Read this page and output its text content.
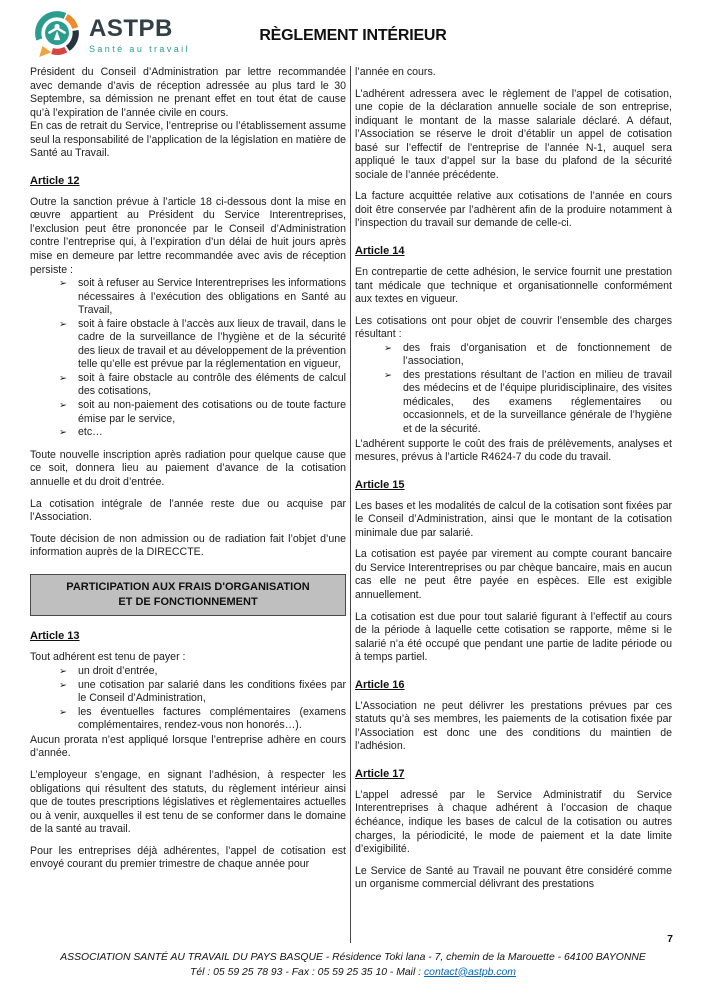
ASTPB
Santé au travail
RÈGLEMENT INTÉRIEUR

Président du Conseil d’Administration par lettre recommandée avec demande d’avis de réception adressée au plus tard le 30 Septembre, sa démission ne prenant effet en tout état de cause qu’à l’expiration de l’année civile en cours.

En cas de retrait du Service, l’entreprise ou l’établissement assume seul la responsabilité de l’application de la législation en matière de Santé au Travail.

Article 12

Outre la sanction prévue à l’article 18 ci-dessous dont la mise en œuvre appartient au Président du Service Interentreprises, l’exclusion peut être prononcée par le Conseil d’Administration contre l’entreprise qui, à l’expiration d’un délai de huit jours après mise en demeure par lettre recommandée avec avis de réception persiste :

➢	soit à refuser au Service Interentreprises les informations nécessaires à l’exécution des obligations en Santé au Travail,
➢	soit à faire obstacle à l’accès aux lieux de travail, dans le cadre de la surveillance de l’hygiène et de la sécurité des lieux de travail et au développement de la prévention telle qu’elle est prévue par la réglementation en vigueur,
➢	soit à faire obstacle au contrôle des éléments de calcul des cotisations,
➢	soit au non-paiement des cotisations ou de toute facture émise par le service,
➢	etc…

Toute nouvelle inscription après radiation pour quelque cause que ce soit, donnera lieu au paiement d’avance de la cotisation annuelle et du droit d’entrée.

La cotisation intégrale de l’année reste due ou acquise par l’Association.

Toute décision de non admission ou de radiation fait l’objet d’une information auprès de la DIRECCTE.

PARTICIPATION AUX FRAIS D'ORGANISATION
ET DE FONCTIONNEMENT
Article 13

Tout adhérent est tenu de payer :

➢	un droit d’entrée,
➢	une cotisation par salarié dans les conditions fixées par le Conseil d’Administration,
➢	les éventuelles factures complémentaires (examens complémentaires, rendez-vous non honorés…).

Aucun prorata n’est appliqué lorsque l’entreprise adhère en cours d’année.

L’employeur s’engage, en signant l’adhésion, à respecter les obligations qui résultent des statuts, du règlement intérieur ainsi que de toutes prescriptions législatives et règlementaires actuelles ou à venir, auxquelles il est tenu de se conformer dans le domaine de la santé au travail.

Pour les entreprises déjà adhérentes, l’appel de cotisation est envoyé courant du premier trimestre de chaque année pour

l’année en cours.

L’adhérent adressera avec le règlement de l’appel de cotisation, une copie de la déclaration annuelle sociale de son entreprise, indiquant le montant de la masse salariale déclaré. A défaut, l’Association se réserve le droit d’établir un appel de cotisation basé sur l’effectif de l’entreprise de l’année N-1, auquel sera appliqué le taux d’appel sur la base du plafond de la sécurité sociale de l’année précédente.

La facture acquittée relative aux cotisations de l’année en cours doit être conservée par l’adhèrent afin de la produire notamment à l’inspection du travail sur demande de celle-ci.

Article 14

En contrepartie de cette adhésion, le service fournit une prestation tant médicale que technique et organisationnelle conformément aux textes en vigueur.

Les cotisations ont pour objet de couvrir l’ensemble des charges résultant :

➢	des frais d’organisation et de fonctionnement de l’association,
➢	des prestations résultant de l’action en milieu de travail des médecins et de l’équipe pluridisciplinaire, des visites médicales, des examens réglementaires ou occasionnels, et de la surveillance générale de l’hygiène et de la sécurité.

L’adhérent supporte le coût des frais de prélèvements, analyses et mesures, prévus à l’article R4624-7 du code du travail.

Article 15

Les bases et les modalités de calcul de la cotisation sont fixées par le Conseil d’Administration, ainsi que le montant de la cotisation minimale due par salarié.

La cotisation est payée par virement au compte courant bancaire du Service Interentreprises ou par chèque bancaire, mais en aucun cas elle ne peut être payée en espèces. Elle est exigible annuellement.

La cotisation est due pour tout salarié figurant à l’effectif au cours de la période à laquelle cette cotisation se rapporte, même si le salarié n’a été occupé que pendant une partie de ladite période ou à temps partiel.

Article 16

L’Association ne peut délivrer les prestations prévues par ces statuts qu’à ses membres, les paiements de la cotisation fixée par l’Association est donc une des conditions du maintien de l’adhésion.

Article 17

L’appel adressé par le Service Administratif du Service Interentreprises à chaque adhérent à l’occasion de chaque échéance, indique les bases de calcul de la cotisation ou autres charges, la périodicité, le mode de paiement et la date limite d’exigibilité.

Le Service de Santé au Travail ne pouvant être considéré comme un organisme commercial délivrant des prestations

7
ASSOCIATION SANTÉ AU TRAVAIL DU PAYS BASQUE - Résidence Toki lana - 7, chemin de la Marouette - 64100 BAYONNE
Tél : 05 59 25 78 93 - Fax : 05 59 25 35 10 - Mail : contact@astpb.com
